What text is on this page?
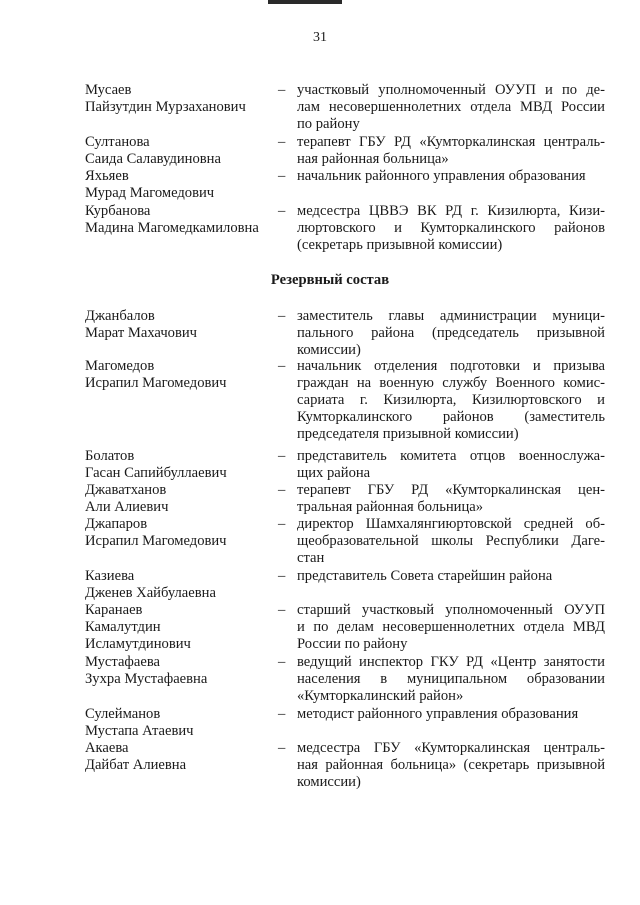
31
Мусаев
Пайзутдин Мурзаханович
– участковый уполномоченный ОУУП и по де-
лам несовершеннолетних отдела МВД России
по району
Султанова
Саида Салавудиновна
– терапевт ГБУ РД «Кумторкалинская централь-
ная районная больница»
Яхьяев
Мурад Магомедович
– начальник районного управления образования
Курбанова
Мадина Магомедкамиловна
– медсестра ЦВВЭ ВК РД г. Кизилюрта, Кизи-
люртовского и Кумторкалинского районов
(секретарь призывной комиссии)
Резервный состав
Джанбалов
Марат Махачович
– заместитель главы администрации муници-
пального района (председатель призывной
комиссии)
Магомедов
Исрапил Магомедович
– начальник отделения подготовки и призыва
граждан на военную службу Военного комис-
сариата г. Кизилюрта, Кизилюртовского и
Кумторкалинского районов (заместитель
председателя призывной комиссии)
Болатов
Гасан Сапийбуллаевич
– представитель комитета отцов военнослужа-
щих района
Джаватханов
Али Алиевич
– терапевт ГБУ РД «Кумторкалинская цен-
тральная районная больница»
Джапаров
Исрапил Магомедович
– директор Шамхалянгиюртовской средней об-
щеобразовательной школы Республики Даге-
стан
Казиева
Дженев Хайбулаевна
– представитель Совета старейшин района
Каранаев
Камалутдин
Исламутдинович
– старший участковый уполномоченный ОУУП
и по делам несовершеннолетних отдела МВД
России по району
Мустафаева
Зухра Мустафаевна
– ведущий инспектор ГКУ РД «Центр занятости
населения в муниципальном образовании
«Кумторкалинский район»
Сулейманов
Мустапа Атаевич
– методист районного управления образования
Акаева
Дайбат Алиевна
– медсестра ГБУ «Кумторкалинская централь-
ная районная больница» (секретарь призывной
комиссии)
